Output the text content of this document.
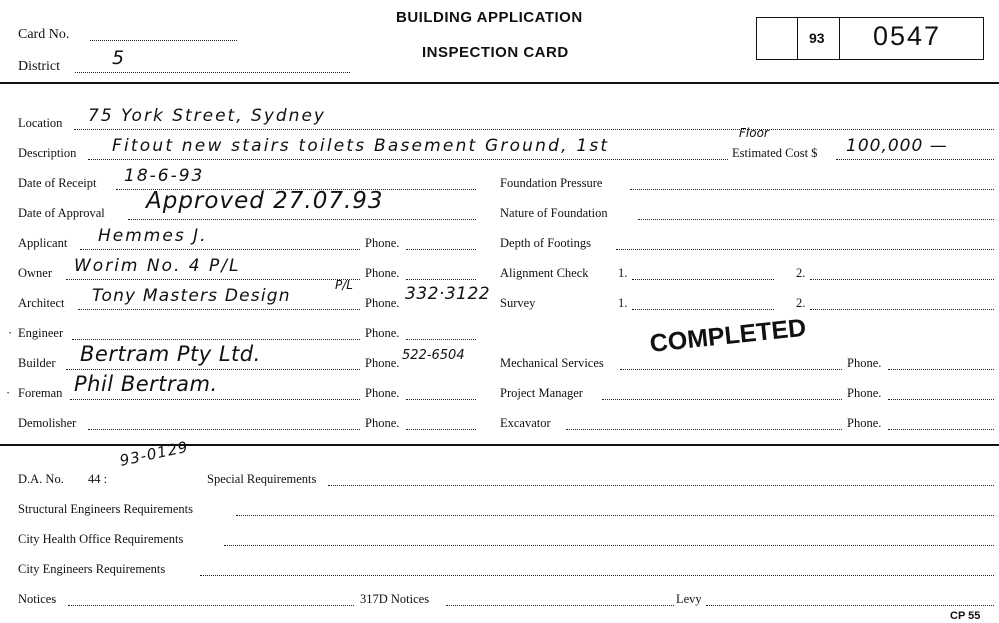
Card No.
District	5
BUILDING APPLICATION
INSPECTION CARD
93 0547
Location 75 York Street, Sydney
Description Fitout new stairs toilets Basement Ground, 1st
Floor
Estimated Cost $ 100,000 —
Date of Receipt 18-6-93
Date of Approval Approved 27.07.93
Applicant Hemmes J.	Phone.
Owner Worim No. 4 P/L	Phone.
Architect Tony Masters Design
P/L
Phone. 332·3122
· Engineer	Phone.
Builder Bertram Pty Ltd.	Phone. 522-6504
· Foreman Phil Bertram.	Phone.
Demolisher	Phone.
Foundation Pressure
Nature of Foundation
Depth of Footings
Alignment Check 1.	2.
Survey	1.	2.
COMPLETED
Mechanical Services	Phone.
Project Manager	Phone.
Excavator	Phone.
D.A. No. 44 :
93-0129
Special Requirements
Structural Engineers Requirements
City Health Office Requirements
City Engineers Requirements
Notices	317D Notices	Levy
CP 55
